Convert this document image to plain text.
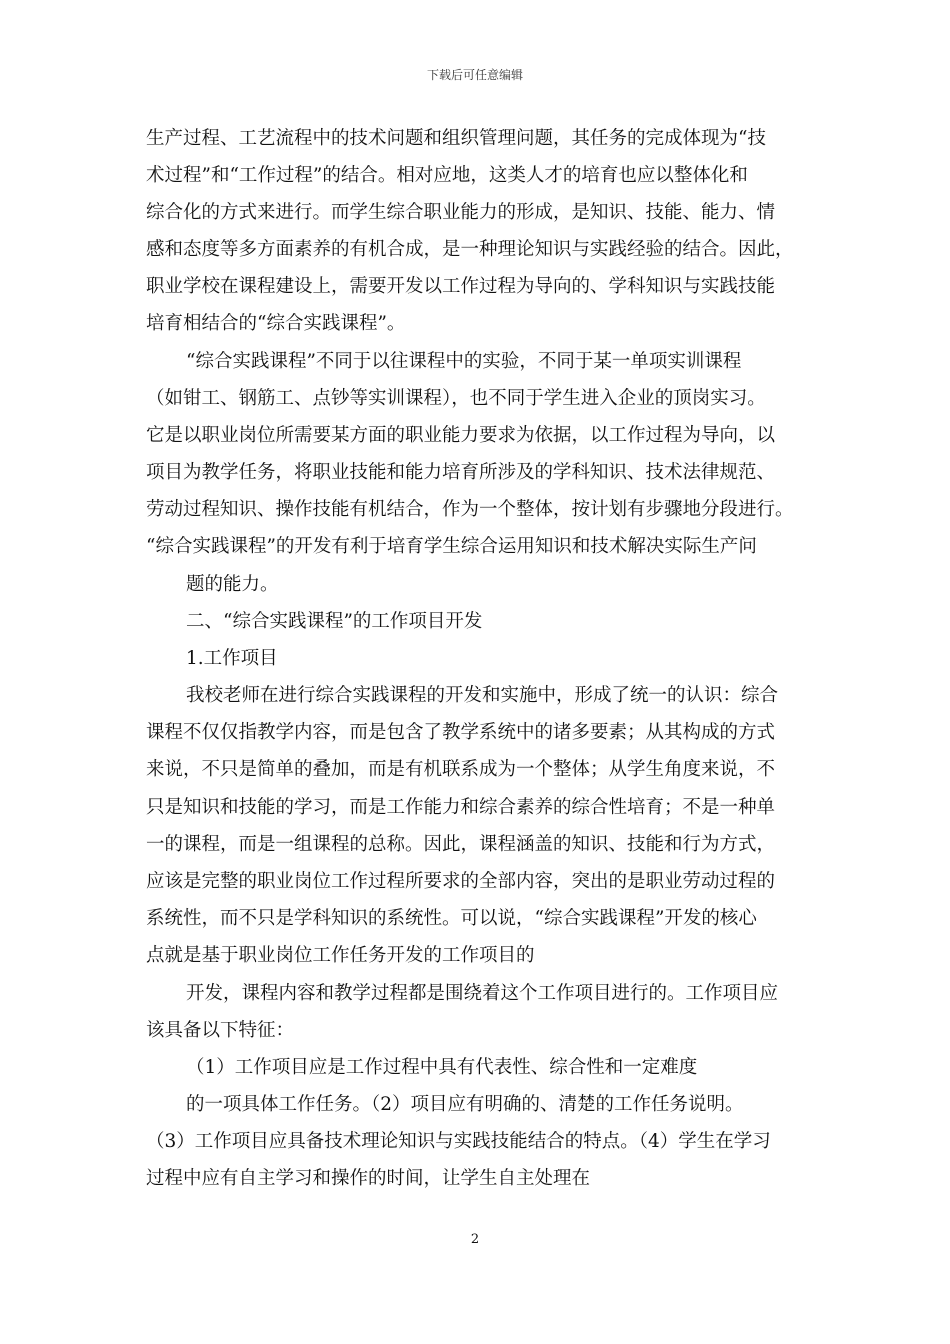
下载后可任意编辑
生产过程、工艺流程中的技术问题和组织管理问题，其任务的完成体现为“技
术过程”和“工作过程”的结合。相对应地，这类人才的培育也应以整体化和
综合化的方式来进行。而学生综合职业能力的形成，是知识、技能、能力、情
感和态度等多方面素养的有机合成，是一种理论知识与实践经验的结合。因此，
职业学校在课程建设上，需要开发以工作过程为导向的、学科知识与实践技能
培育相结合的“综合实践课程”。
“综合实践课程”不同于以往课程中的实验，不同于某一单项实训课程
（如钳工、钢筋工、点钞等实训课程），也不同于学生进入企业的顶岗实习。
它是以职业岗位所需要某方面的职业能力要求为依据，以工作过程为导向，以
项目为教学任务，将职业技能和能力培育所涉及的学科知识、技术法律规范、
劳动过程知识、操作技能有机结合，作为一个整体，按计划有步骤地分段进行。
“综合实践课程”的开发有利于培育学生综合运用知识和技术解决实际生产问
题的能力。
二、“综合实践课程”的工作项目开发
1.工作项目
我校老师在进行综合实践课程的开发和实施中，形成了统一的认识：综合
课程不仅仅指教学内容，而是包含了教学系统中的诸多要素；从其构成的方式
来说，不只是简单的叠加，而是有机联系成为一个整体；从学生角度来说，不
只是知识和技能的学习，而是工作能力和综合素养的综合性培育；不是一种单
一的课程，而是一组课程的总称。因此，课程涵盖的知识、技能和行为方式，
应该是完整的职业岗位工作过程所要求的全部内容，突出的是职业劳动过程的
系统性，而不只是学科知识的系统性。可以说，“综合实践课程”开发的核心
点就是基于职业岗位工作任务开发的工作项目的
开发，课程内容和教学过程都是围绕着这个工作项目进行的。工作项目应
该具备以下特征：
（1）工作项目应是工作过程中具有代表性、综合性和一定难度
的一项具体工作任务。（2）项目应有明确的、清楚的工作任务说明。
（3）工作项目应具备技术理论知识与实践技能结合的特点。（4）学生在学习
过程中应有自主学习和操作的时间，让学生自主处理在
2
